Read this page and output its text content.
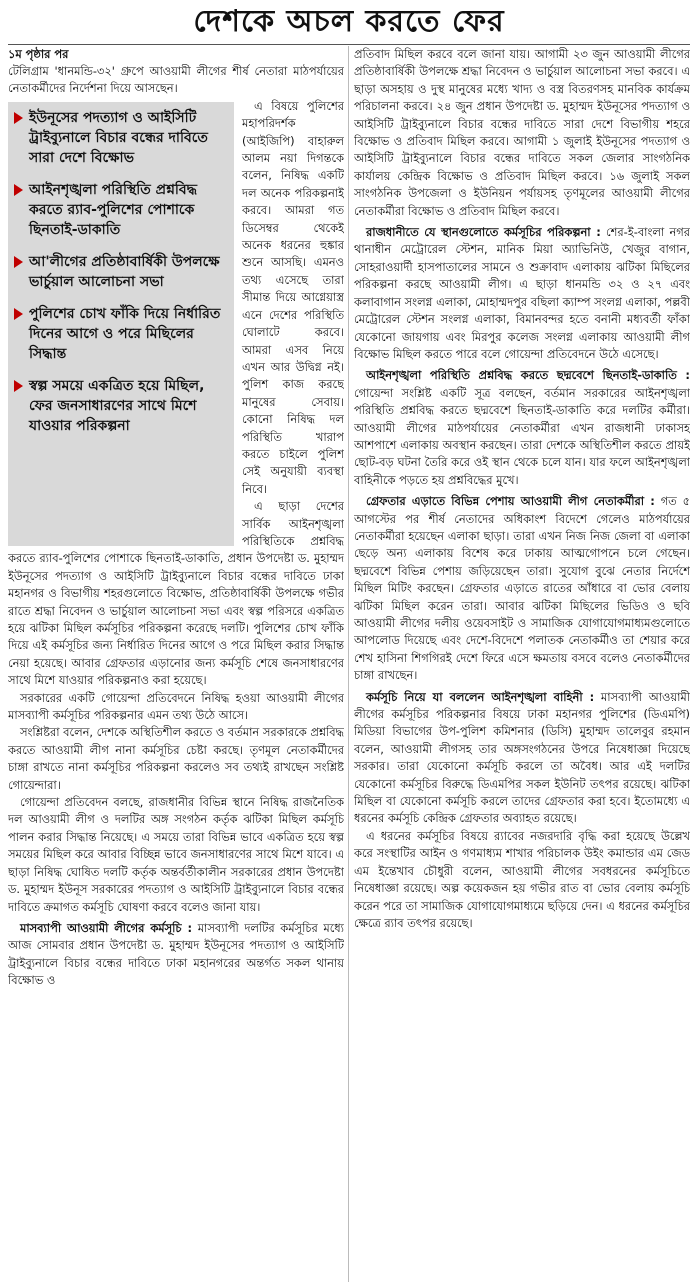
দেশকে অচল করতে ফের
১ম পৃষ্ঠার পর

টেলিগ্রাম 'ধানমন্ডি-৩২' গ্রুপে আওয়ামী লীগের শীর্ষ নেতারা মাঠপর্যায়ের নেতাকর্মীদের নির্দেশনা দিয়ে আসছেন।

ইউনূসের পদত্যাগ ও আইসিটি ট্রাইব্যুনালে বিচার বন্ধের দাবিতে সারা দেশে বিক্ষোভ
আইনশৃঙ্খলা পরিস্থিতি প্রশ্নবিদ্ধ করতে র‍্যাব-পুলিশের পোশাকে ছিনতাই-ডাকাতি
আ'লীগের প্রতিষ্ঠাবার্ষিকী উপলক্ষে ভার্চুয়াল আলোচনা সভা
পুলিশের চোখ ফাঁকি দিয়ে নির্ধারিত দিনের আগে ও পরে মিছিলের সিদ্ধান্ত
স্বল্প সময়ে একত্রিত হয়ে মিছিল, ফের জনসাধারণের সাথে মিশে যাওয়ার পরিকল্পনা

এ বিষয়ে পুলিশের মহাপরিদর্শক (আইজিপি) বাহারুল আলম নয়া দিগন্তকে বলেন, নিষিদ্ধ একটি দল অনেক পরিকল্পনাই করবে। আমরা গত ডিসেম্বর থেকেই অনেক ধরনের হুঙ্কার শুনে আসছি। এমনও তথ্য এসেছে তারা সীমান্ত দিয়ে আগ্নেয়াস্ত্র এনে দেশের পরিস্থিতি ঘোলাটে করবে। আমরা এসব নিয়ে এখন আর উদ্বিগ্ন নই। পুলিশ কাজ করছে মানুষের সেবায়। কোনো নিষিদ্ধ দল পরিস্থিতি খারাপ করতে চাইলে পুলিশ সেই অনুযায়ী ব্যবস্থা নিবে।

এ ছাড়া দেশের সার্বিক আইনশৃঙ্খলা পরিস্থিতিকে প্রশ্নবিদ্ধ করতে র‍্যাব-পুলিশের পোশাকে ছিনতাই-ডাকাতি, প্রধান উপদেষ্টা ড. মুহাম্মদ ইউনূসের পদত্যাগ ও আইসিটি ট্রাইব্যুনালে বিচার বন্ধের দাবিতে ঢাকা মহানগর ও বিভাগীয় শহরগুলোতে বিক্ষোভ, প্রতিষ্ঠাবার্ষিকী উপলক্ষে গভীর রাতে শ্রদ্ধা নিবেদন ও ভার্চুয়াল আলোচনা সভা এবং স্বল্প পরিসরে একত্রিত হয়ে ঝটিকা মিছিল কর্মসূচির পরিকল্পনা করেছে দলটি। পুলিশের চোখ ফাঁকি দিয়ে এই কর্মসূচির জন্য নির্ধারিত দিনের আগে ও পরে মিছিল করার সিদ্ধান্ত নেয়া হয়েছে। আবার গ্রেফতার এড়ানোর জন্য কর্মসূচি শেষে জনসাধারণের সাথে মিশে যাওয়ার পরিকল্পনাও করা হয়েছে।

সরকারের একটি গোয়েন্দা প্রতিবেদনে নিষিদ্ধ হওয়া আওয়ামী লীগের মাসব্যাপী কর্মসূচির পরিকল্পনার এমন তথ্য উঠে আসে।

সংশ্লিষ্টরা বলেন, দেশকে অস্থিতিশীল করতে ও বর্তমান সরকারকে প্রশ্নবিদ্ধ করতে আওয়ামী লীগ নানা কর্মসূচির চেষ্টা করছে। তৃণমূল নেতাকর্মীদের চাঙ্গা রাখতে নানা কর্মসূচির পরিকল্পনা করলেও সব তথ্যই রাখছেন সংশ্লিষ্ট গোয়েন্দারা।

গোয়েন্দা প্রতিবেদন বলছে, রাজধানীর বিভিন্ন স্থানে নিষিদ্ধ রাজনৈতিক দল আওয়ামী লীগ ও দলটির অঙ্গ সংগঠন কর্তৃক ঝটিকা মিছিল কর্মসূচি পালন করার সিদ্ধান্ত নিয়েছে। এ সময়ে তারা বিভিন্ন ভাবে একত্রিত হয়ে স্বল্প সময়ের মিছিল করে আবার বিচ্ছিন্ন ভাবে জনসাধারণের সাথে মিশে যাবে। এ ছাড়া নিষিদ্ধ ঘোষিত দলটি কর্তৃক অন্তর্বর্তীকালীন সরকারের প্রধান উপদেষ্টা ড. মুহাম্মদ ইউনূস সরকারের পদত্যাগ ও আইসিটি ট্রাইব্যুনালে বিচার বন্ধের দাবিতে ক্রমাগত কর্মসূচি ঘোষণা করবে বলেও জানা যায়।

মাসব্যাপী আওয়ামী লীগের কর্মসূচি : মাসব্যাপী দলটির কর্মসূচির মধ্যে আজ সোমবার প্রধান উপদেষ্টা ড. মুহাম্মদ ইউনূসের পদত্যাগ ও আইসিটি ট্রাইব্যুনালে বিচার বন্ধের দাবিতে ঢাকা মহানগরের অন্তর্গত সকল থানায় বিক্ষোভ ও

প্রতিবাদ মিছিল করবে বলে জানা যায়। আগামী ২৩ জুন আওয়ামী লীগের প্রতিষ্ঠাবার্ষিকী উপলক্ষে শ্রদ্ধা নিবেদন ও ভার্চুয়াল আলোচনা সভা করবে। এ ছাড়া অসহায় ও দুস্থ মানুষের মধ্যে খাদ্য ও বস্ত্র বিতরণসহ মানবিক কার্যক্রম পরিচালনা করবে। ২৪ জুন প্রধান উপদেষ্টা ড. মুহাম্মদ ইউনূসের পদত্যাগ ও আইসিটি ট্রাইব্যুনালে বিচার বন্ধের দাবিতে সারা দেশে বিভাগীয় শহরে বিক্ষোভ ও প্রতিবাদ মিছিল করবে। আগামী ১ জুলাই ইউনূসের পদত্যাগ ও আইসিটি ট্রাইব্যুনালে বিচার বন্ধের দাবিতে সকল জেলার সাংগঠনিক কার্যালয় কেন্দ্রিক বিক্ষোভ ও প্রতিবাদ মিছিল করবে। ১৬ জুলাই সকল সাংগঠনিক উপজেলা ও ইউনিয়ন পর্যায়সহ তৃণমূলের আওয়ামী লীগের নেতাকর্মীরা বিক্ষোভ ও প্রতিবাদ মিছিল করবে।

রাজধানীতে যে স্থানগুলোতে কর্মসূচির পরিকল্পনা : শের-ই-বাংলা নগর থানাধীন মেট্রোরেল স্টেশন, মানিক মিয়া অ্যাভিনিউ, খেজুর বাগান, সোহরাওয়ার্দী হাসপাতালের সামনে ও শুক্রাবাদ এলাকায় ঝটিকা মিছিলের পরিকল্পনা করছে আওয়ামী লীগ। এ ছাড়া ধানমন্ডি ৩২ ও ২৭ এবং কলাবাগান সংলগ্ন এলাকা, মোহাম্মদপুর বছিলা ক্যাম্প সংলগ্ন এলাকা, পল্লবী মেট্রোরেল স্টেশন সংলগ্ন এলাকা, বিমানবন্দর হতে বনানী মধ্যবর্তী ফাঁকা যেকোনো জায়গায় এবং মিরপুর কলেজ সংলগ্ন এলাকায় আওয়ামী লীগ বিক্ষোভ মিছিল করতে পারে বলে গোয়েন্দা প্রতিবেদনে উঠে এসেছে।

আইনশৃঙ্খলা পরিস্থিতি প্রশ্নবিদ্ধ করতে ছদ্মবেশে ছিনতাই-ডাকাতি : গোয়েন্দা সংশ্লিষ্ট একটি সূত্র বলছেন, বর্তমান সরকারের আইনশৃঙ্খলা পরিস্থিতি প্রশ্নবিদ্ধ করতে ছদ্মবেশে ছিনতাই-ডাকাতি করে দলটির কর্মীরা। আওয়ামী লীগের মাঠপর্যায়ের নেতাকর্মীরা এখন রাজধানী ঢাকাসহ আশপাশে এলাকায় অবস্থান করছেন। তারা দেশকে অস্থিতিশীল করতে প্রায়ই ছোট-বড় ঘটনা তৈরি করে ওই স্থান থেকে চলে যান। যার ফলে আইনশৃঙ্খলা বাহিনীকে পড়তে হয় প্রশ্নবিদ্ধের মুখে।

গ্রেফতার এড়াতে বিভিন্ন পেশায় আওয়ামী লীগ নেতাকর্মীরা : গত ৫ আগস্টের পর শীর্ষ নেতাদের অধিকাংশ বিদেশে গেলেও মাঠপর্যায়ের নেতাকর্মীরা হয়েছেন এলাকা ছাড়া। তারা এখন নিজ নিজ জেলা বা এলাকা ছেড়ে অন্য এলাকায় বিশেষ করে ঢাকায় আত্মগোপনে চলে গেছেন। ছদ্মবেশে বিভিন্ন পেশায় জড়িয়েছেন তারা। সুযোগ বুঝে নেতার নির্দেশে মিছিল মিটিং করছেন। গ্রেফতার এড়াতে রাতের আঁধারে বা ভোর বেলায় ঝটিকা মিছিল করেন তারা। আবার ঝটিকা মিছিলের ভিডিও ও ছবি আওয়ামী লীগের দলীয় ওয়েবসাইট ও সামাজিক যোগাযোগমাধ্যমগুলোতে আপলোড দিয়েছে এবং দেশে-বিদেশে পলাতক নেতাকর্মীও তা শেয়ার করে শেখ হাসিনা শিগগিরই দেশে ফিরে এসে ক্ষমতায় বসবে বলেও নেতাকর্মীদের চাঙ্গা রাখছেন।

কর্মসূচি নিয়ে যা বললেন আইনশৃঙ্খলা বাহিনী : মাসব্যাপী আওয়ামী লীগের কর্মসূচির পরিকল্পনার বিষয়ে ঢাকা মহানগর পুলিশের (ডিএমপি) মিডিয়া বিভাগের উপ-পুলিশ কমিশনার (ডিসি) মুহাম্মদ তালেবুর রহমান বলেন, আওয়ামী লীগসহ তার অঙ্গসংগঠনের উপরে নিষেধাজ্ঞা দিয়েছে সরকার। তারা যেকোনো কর্মসূচি করলে তা অবৈধ। আর এই দলটির যেকোনো কর্মসূচির বিরুদ্ধে ডিএমপির সকল ইউনিট তৎপর রয়েছে। ঝটিকা মিছিল বা যেকোনো কর্মসূচি করলে তাদের গ্রেফতার করা হবে। ইতোমধ্যে এ ধরনের কর্মসূচি কেন্দ্রিক গ্রেফতার অব্যাহত রয়েছে।

এ ধরনের কর্মসূচির বিষয়ে র‍্যাবের নজরদারি বৃদ্ধি করা হয়েছে উল্লেখ করে সংস্থাটির আইন ও গণমাধ্যম শাখার পরিচালক উইং কমান্ডার এম জেড এম ইন্তেখাব চৌধুরী বলেন, আওয়ামী লীগের সবধরনের কর্মসূচিতে নিষেধাজ্ঞা রয়েছে। অল্প কয়েকজন হয় গভীর রাত বা ভোর বেলায় কর্মসূচি করেন পরে তা সামাজিক যোগাযোগমাধ্যমে ছড়িয়ে দেন। এ ধরনের কর্মসূচির ক্ষেত্রে র‍্যাব তৎপর রয়েছে।
